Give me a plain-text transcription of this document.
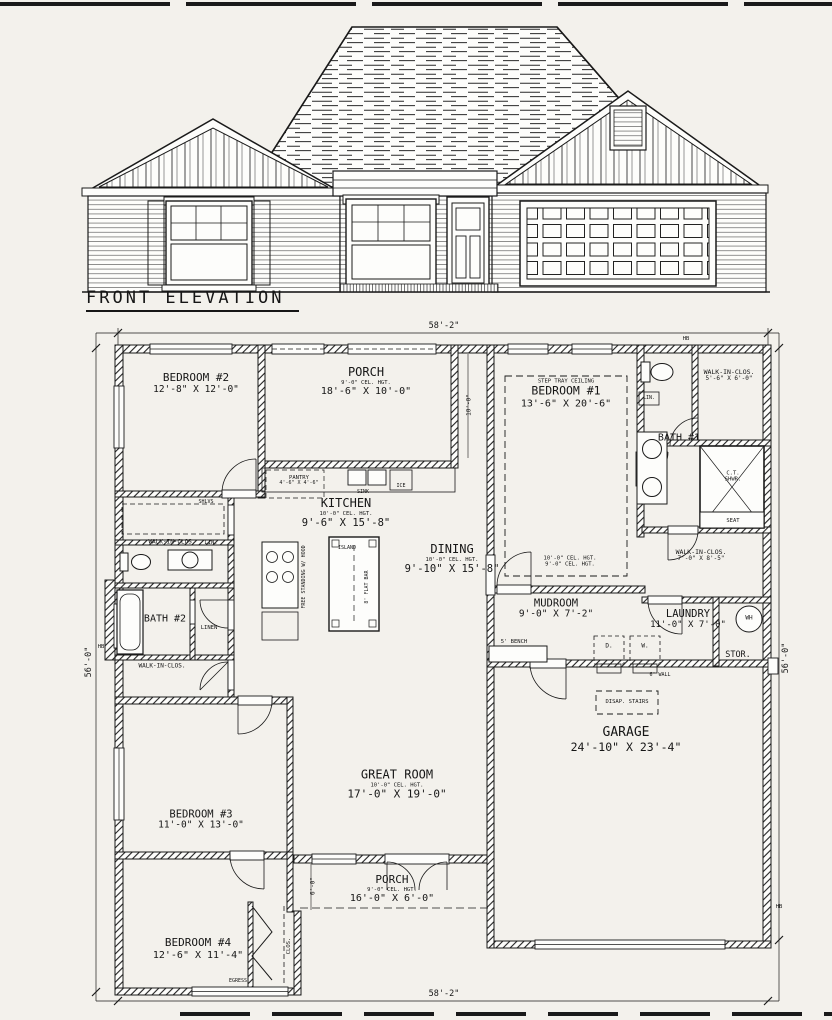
FRONT ELEVATION
58'-2"
58'-2"
56'-0"	56'-0"
HB
HB
HB
BEDROOM #2
12'-8" X 12'-0"
PORCH
9'-0" CEL. HGT.
18'-6" X 10'-0"
10'-0"
STEP TRAY CEILING
BEDROOM #1
13'-6" X 20'-6"
10'-0" CEL. HGT.
9'-0" CEL. HGT.
WALK-IN-CLOS.
5'-6" X 6'-0"
BATH #1
LIN.
C.T.
SHWR.
SEAT
PANTRY
4'-6" X 4'-6"
KITCHEN
10'-0" CEL. HGT.
9'-6" X 15'-8"
SINK
ICE
ISLAND
8' FLAT BAR
FREE STANDING W/ HOOD	DINING
10'-0" CEL. HGT.
9'-10" X 15'-8"
MUDROOM
9'-0" X 7'-2"
5' BENCH
LAUNDRY
11'-0" X 7'-0"
D.	W.
6' WALL
WALK-IN-CLOS.
7'-0" X 8'-5"
STOR.
WH
DISAP. STAIRS
GARAGE
24'-10" X 23'-4"
GREAT ROOM
10'-0" CEL. HGT.
17'-0" X 19'-0"
BATH #2
LINEN
WALK-IN-CLOS. LIN.
SHLVS
WALK-IN-CLOS.
BEDROOM #3
11'-0" X 13'-0"
PORCH
9'-0" CEL. HGT.
16'-0" X 6'-0"
6'-0"
BEDROOM #4
12'-6" X 11'-4"
EGRESS
CLOS.
